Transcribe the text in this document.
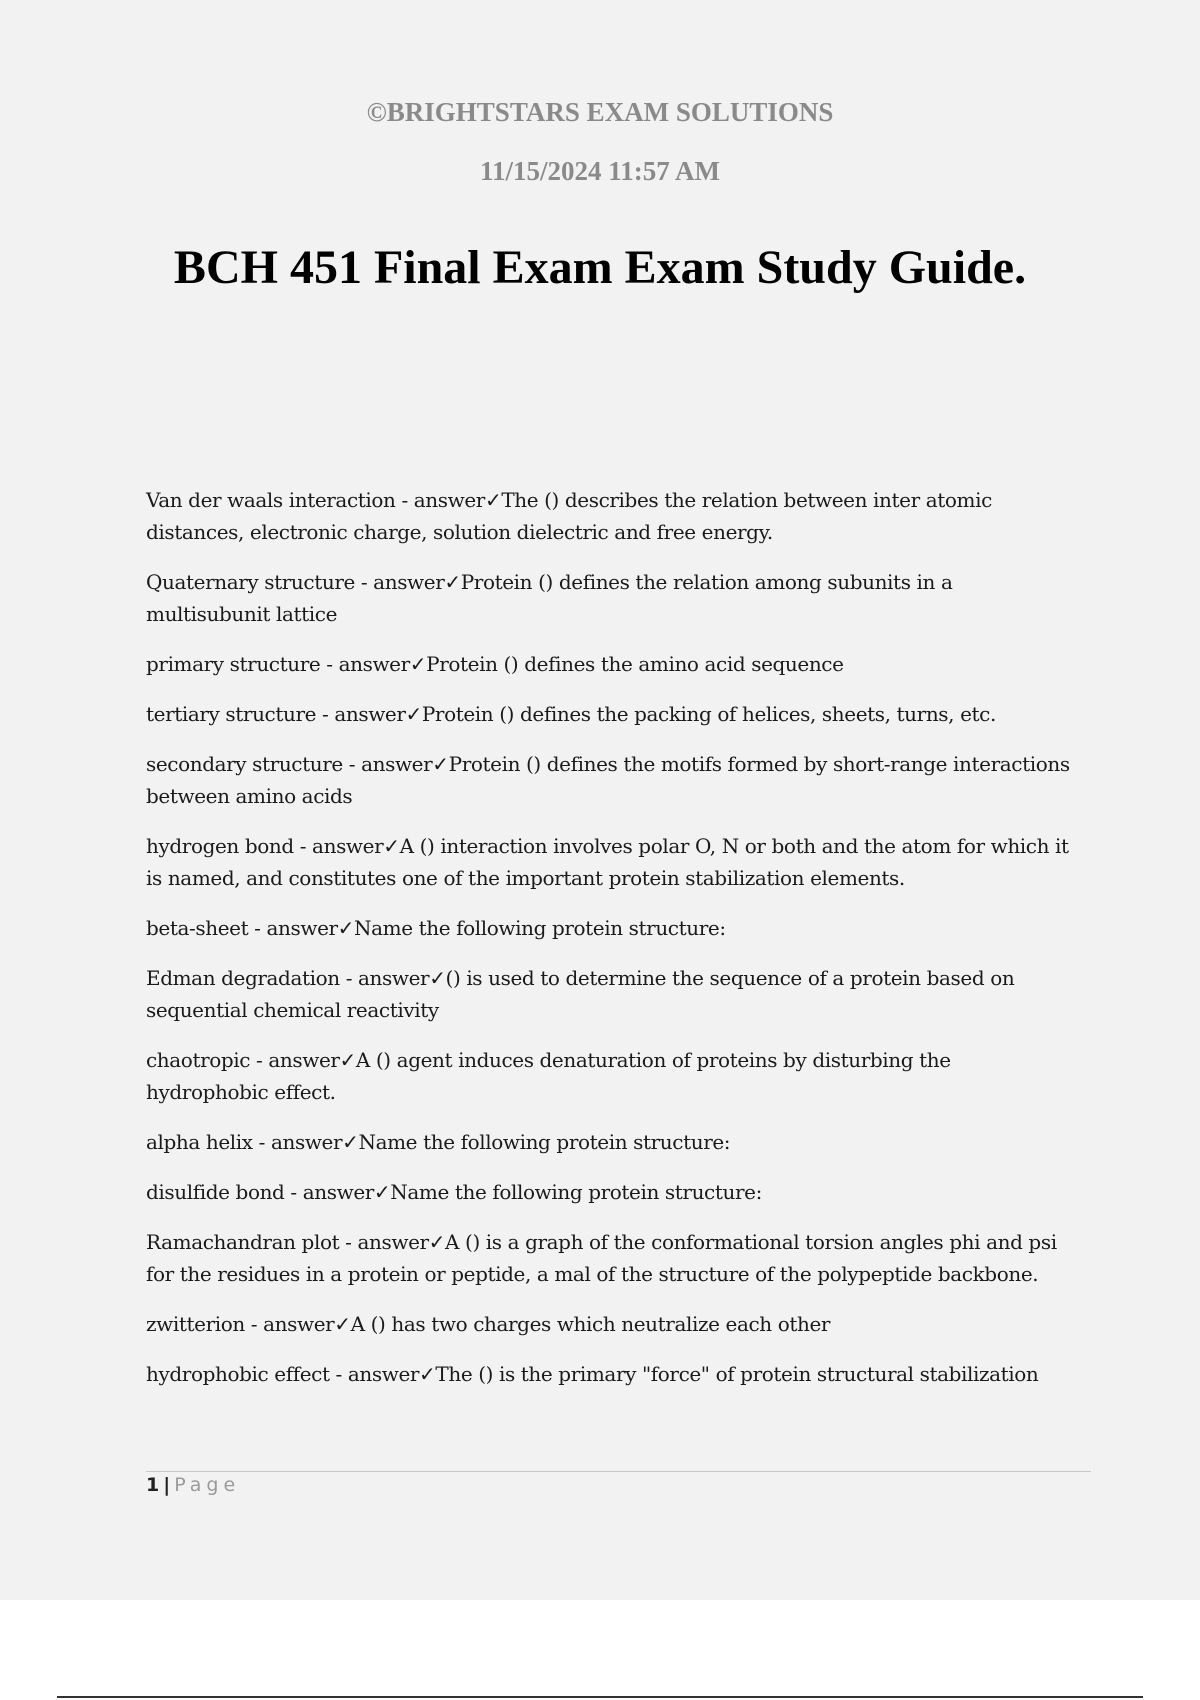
©BRIGHTSTARS EXAM SOLUTIONS

11/15/2024 11:57 AM

BCH 451 Final Exam Exam Study Guide.

Van der waals interaction - answer✓The () describes the relation between inter atomic distances, electronic charge, solution dielectric and free energy.

Quaternary structure - answer✓Protein () defines the relation among subunits in a multisubunit lattice

primary structure - answer✓Protein () defines the amino acid sequence

tertiary structure - answer✓Protein () defines the packing of helices, sheets, turns, etc.

secondary structure - answer✓Protein () defines the motifs formed by short-range interactions between amino acids

hydrogen bond - answer✓A () interaction involves polar O, N or both and the atom for which it is named, and constitutes one of the important protein stabilization elements.

beta-sheet - answer✓Name the following protein structure:

Edman degradation - answer✓() is used to determine the sequence of a protein based on sequential chemical reactivity

chaotropic - answer✓A () agent induces denaturation of proteins by disturbing the hydrophobic effect.

alpha helix - answer✓Name the following protein structure:

disulfide bond - answer✓Name the following protein structure:

Ramachandran plot - answer✓A () is a graph of the conformational torsion angles phi and psi for the residues in a protein or peptide, a mal of the structure of the polypeptide backbone.

zwitterion - answer✓A () has two charges which neutralize each other

hydrophobic effect - answer✓The () is the primary "force" of protein structural stabilization

1 | Page
